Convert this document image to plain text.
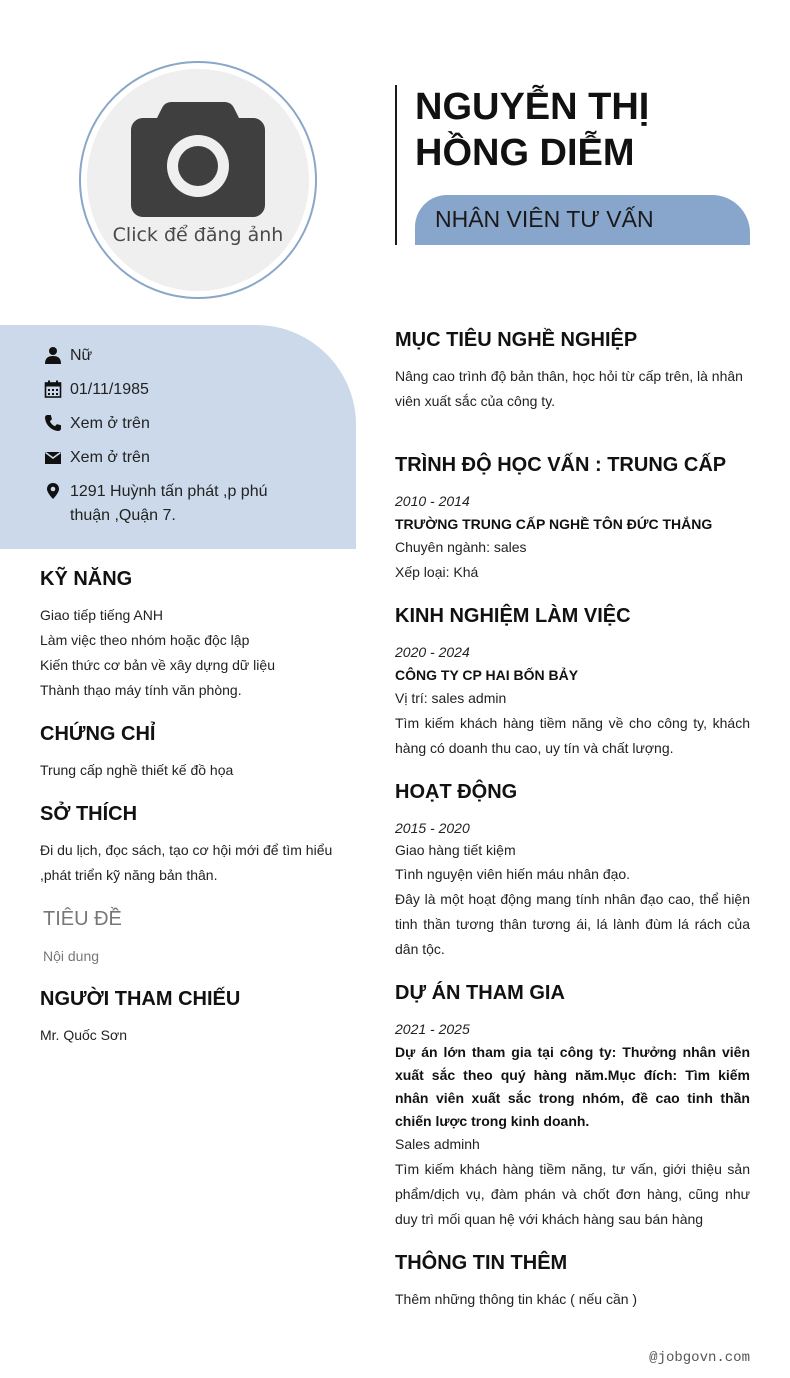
Click để đăng ảnh
NGUYỄN THỊ
HỒNG DIỄM
NHÂN VIÊN TƯ VẤN
Nữ
01/11/1985
Xem ở trên
Xem ở trên
1291 Huỳnh tấn phát ,p phú
thuận ,Quận 7.
KỸ NĂNG
Giao tiếp tiếng ANH
Làm việc theo nhóm hoặc độc lập
Kiến thức cơ bản về xây dựng dữ liệu
Thành thạo máy tính văn phòng.
CHỨNG CHỈ
Trung cấp nghề thiết kế đồ họa
SỞ THÍCH
Đi du lịch, đọc sách, tạo cơ hội mới để tìm hiểu
,phát triển kỹ năng bản thân.
TIÊU ĐỀ
Nội dung
NGƯỜI THAM CHIẾU
Mr. Quốc Sơn
MỤC TIÊU NGHỀ NGHIỆP
Nâng cao trình độ bản thân, học hỏi từ cấp trên, là nhân
viên xuất sắc của công ty.
TRÌNH ĐỘ HỌC VẤN : TRUNG CẤP
2010 - 2014
TRƯỜNG TRUNG CẤP NGHỀ TÔN ĐỨC THẮNG
Chuyên ngành: sales
Xếp loại: Khá
KINH NGHIỆM LÀM VIỆC
2020 - 2024
CÔNG TY CP HAI BỐN BẢY
Vị trí: sales admin
Tìm kiếm khách hàng tiềm năng về cho công ty, khách hàng có doanh thu cao, uy tín và chất lượng.
HOẠT ĐỘNG
2015 - 2020
Giao hàng tiết kiệm
Tình nguyện viên hiến máu nhân đạo.
Đây là một hoạt động mang tính nhân đạo cao, thể hiện tinh thần tương thân tương ái, lá lành đùm lá rách của dân tộc.
DỰ ÁN THAM GIA
2021 - 2025
Dự án lớn tham gia tại công ty: Thưởng nhân viên xuất sắc theo quý hàng năm.Mục đích: Tìm kiếm nhân viên xuất sắc trong nhóm, đề cao tinh thần chiến lược trong kinh doanh.
Sales adminh
Tìm kiếm khách hàng tiềm năng, tư vấn, giới thiệu sản phẩm/dịch vụ, đàm phán và chốt đơn hàng, cũng như duy trì mối quan hệ với khách hàng sau bán hàng
THÔNG TIN THÊM
Thêm những thông tin khác ( nếu cần )
@jobgovn.com
